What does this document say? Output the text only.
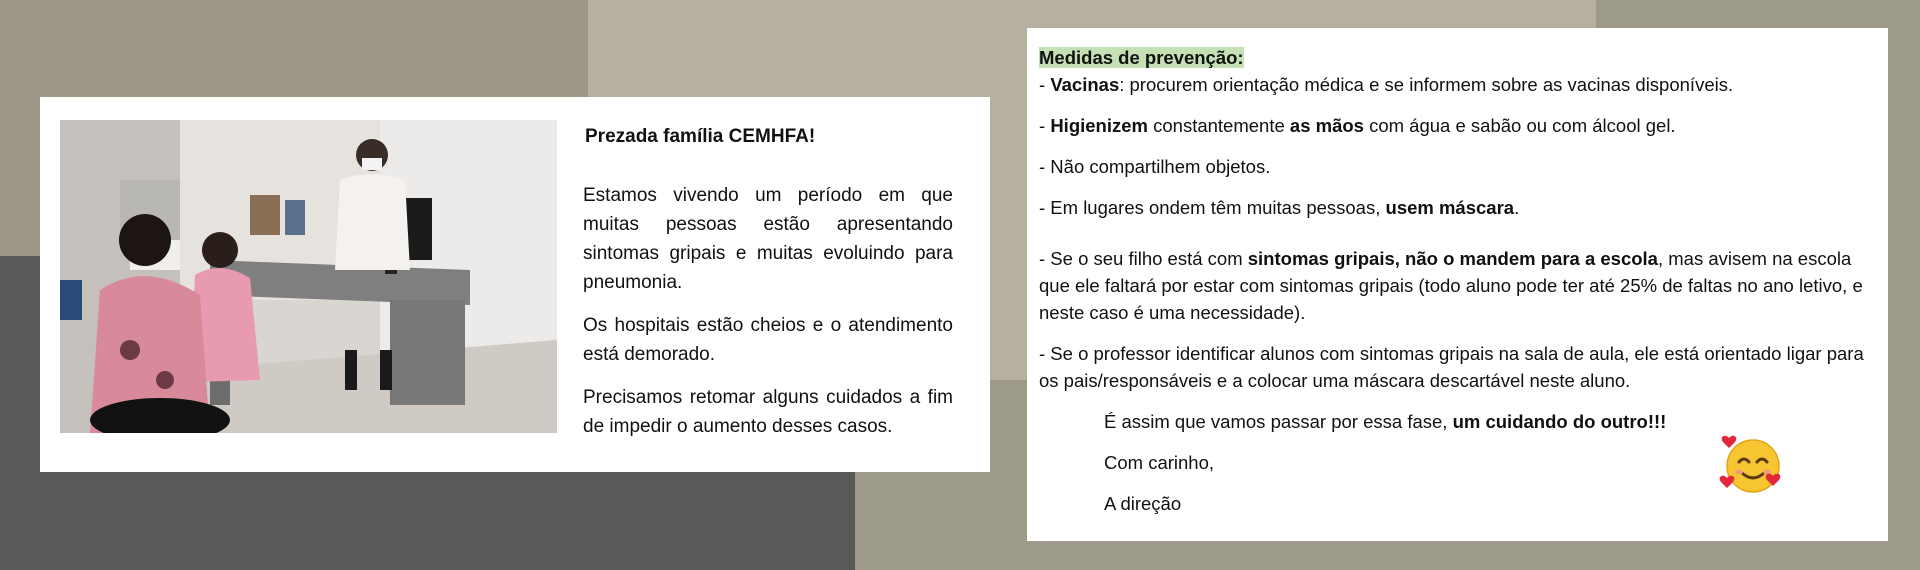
Prezada família CEMHFA!

Estamos vivendo um período em que muitas pessoas estão apresentando sintomas gripais e muitas evoluindo para pneumonia.

Os hospitais estão cheios e o atendimento está demorado.

Precisamos retomar alguns cuidados a fim de impedir o aumento desses casos.

Medidas de prevenção:

- Vacinas: procurem orientação médica e se informem sobre as vacinas disponíveis.

- Higienizem constantemente as mãos com água e sabão ou com álcool gel.

- Não compartilhem objetos.

- Em lugares ondem têm muitas pessoas, usem máscara.

- Se o seu filho está com sintomas gripais, não o mandem para a escola, mas avisem na escola que ele faltará por estar com sintomas gripais (todo aluno pode ter até 25% de faltas no ano letivo, e neste caso é uma necessidade).

- Se o professor identificar alunos com sintomas gripais na sala de aula, ele está orientado ligar para os pais/responsáveis e a colocar uma máscara descartável neste aluno.

É assim que vamos passar por essa fase, um cuidando do outro!!!

Com carinho,

A direção
